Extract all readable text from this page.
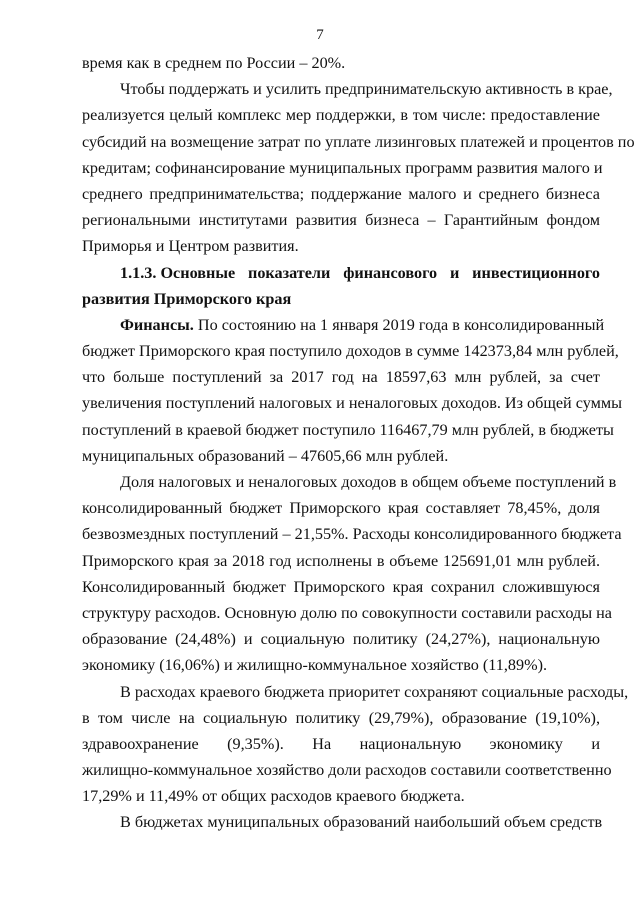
7
время как в среднем по России – 20%.
Чтобы поддержать и усилить предпринимательскую активность в крае,
реализуется целый комплекс мер поддержки, в том числе: предоставление
субсидий на возмещение затрат по уплате лизинговых платежей и процентов по
кредитам; софинансирование муниципальных программ развития малого и
среднего предпринимательства; поддержание малого и среднего бизнеса
региональными институтами развития бизнеса – Гарантийным фондом
Приморья и Центром развития.
1.1.3. Основные показатели финансового и инвестиционного
развития Приморского края
Финансы. По состоянию на 1 января 2019 года в консолидированный
бюджет Приморского края поступило доходов в сумме 142373,84 млн рублей,
что больше поступлений за 2017 год на 18597,63 млн рублей, за счет
увеличения поступлений налоговых и неналоговых доходов. Из общей суммы
поступлений в краевой бюджет поступило 116467,79 млн рублей, в бюджеты
муниципальных образований – 47605,66 млн рублей.
Доля налоговых и неналоговых доходов в общем объеме поступлений в
консолидированный бюджет Приморского края составляет 78,45%, доля
безвозмездных поступлений – 21,55%. Расходы консолидированного бюджета
Приморского края за 2018 год исполнены в объеме 125691,01 млн рублей.
Консолидированный бюджет Приморского края сохранил сложившуюся
структуру расходов. Основную долю по совокупности составили расходы на
образование (24,48%) и социальную политику (24,27%), национальную
экономику (16,06%) и жилищно-коммунальное хозяйство (11,89%).
В расходах краевого бюджета приоритет сохраняют социальные расходы,
в том числе на социальную политику (29,79%), образование (19,10%),
здравоохранение (9,35%). На национальную экономику и
жилищно-коммунальное хозяйство доли расходов составили соответственно
17,29% и 11,49% от общих расходов краевого бюджета.
В бюджетах муниципальных образований наибольший объем средств
